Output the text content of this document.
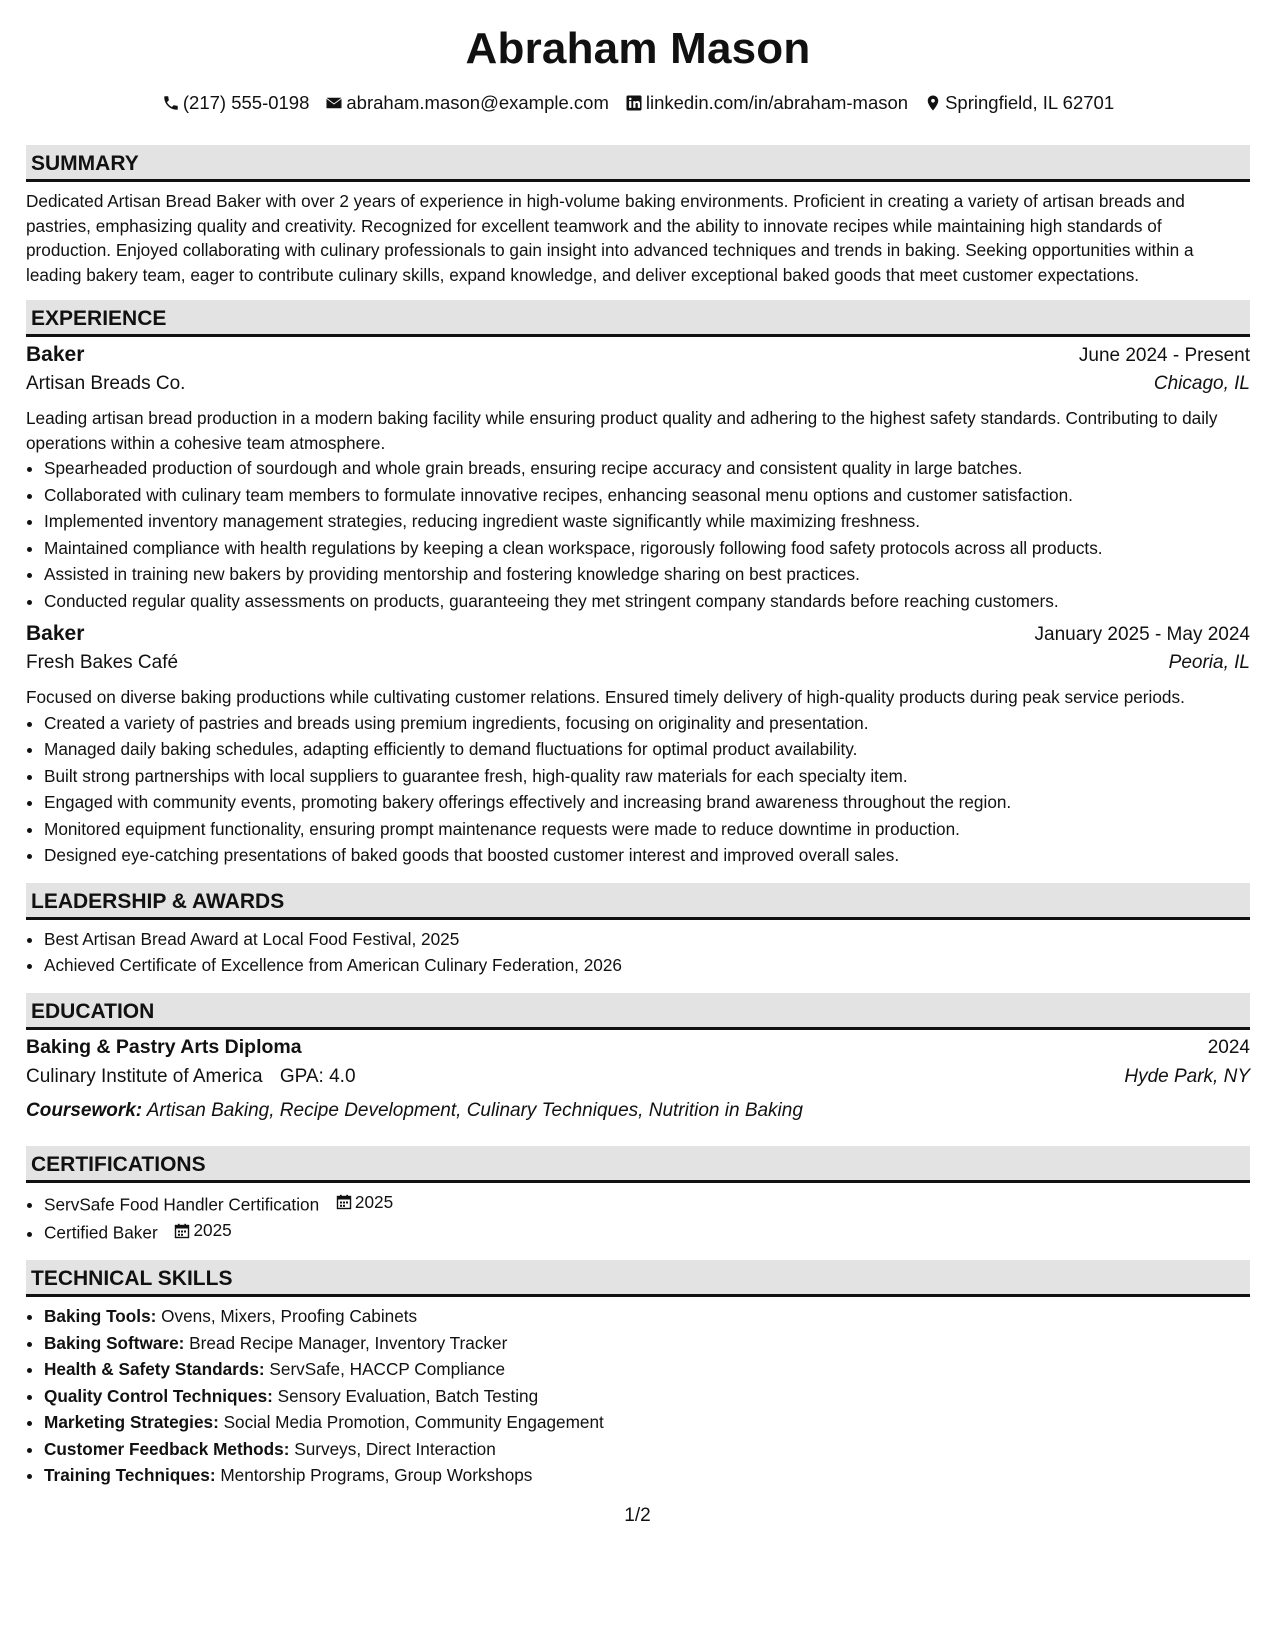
Abraham Mason
(217) 555-0198 abraham.mason@example.com linkedin.com/in/abraham-mason Springfield, IL 62701
SUMMARY

Dedicated Artisan Bread Baker with over 2 years of experience in high-volume baking environments. Proficient in creating a variety of artisan breads and pastries, emphasizing quality and creativity. Recognized for excellent teamwork and the ability to innovate recipes while maintaining high standards of production. Enjoyed collaborating with culinary professionals to gain insight into advanced techniques and trends in baking. Seeking opportunities within a leading bakery team, eager to contribute culinary skills, expand knowledge, and deliver exceptional baked goods that meet customer expectations.

EXPERIENCE
Baker	June 2024 - Present
Artisan Breads Co.	Chicago, IL

Leading artisan bread production in a modern baking facility while ensuring product quality and adhering to the highest safety standards. Contributing to daily operations within a cohesive team atmosphere.

• Spearheaded production of sourdough and whole grain breads, ensuring recipe accuracy and consistent quality in large batches.
• Collaborated with culinary team members to formulate innovative recipes, enhancing seasonal menu options and customer satisfaction.
• Implemented inventory management strategies, reducing ingredient waste significantly while maximizing freshness.
• Maintained compliance with health regulations by keeping a clean workspace, rigorously following food safety protocols across all products.
• Assisted in training new bakers by providing mentorship and fostering knowledge sharing on best practices.
• Conducted regular quality assessments on products, guaranteeing they met stringent company standards before reaching customers.
Baker	January 2025 - May 2024
Fresh Bakes Café	Peoria, IL

Focused on diverse baking productions while cultivating customer relations. Ensured timely delivery of high-quality products during peak service periods.

• Created a variety of pastries and breads using premium ingredients, focusing on originality and presentation.
• Managed daily baking schedules, adapting efficiently to demand fluctuations for optimal product availability.
• Built strong partnerships with local suppliers to guarantee fresh, high-quality raw materials for each specialty item.
• Engaged with community events, promoting bakery offerings effectively and increasing brand awareness throughout the region.
• Monitored equipment functionality, ensuring prompt maintenance requests were made to reduce downtime in production.
• Designed eye-catching presentations of baked goods that boosted customer interest and improved overall sales.
LEADERSHIP & AWARDS
• Best Artisan Bread Award at Local Food Festival, 2025
• Achieved Certificate of Excellence from American Culinary Federation, 2026
EDUCATION
Baking & Pastry Arts Diploma	2024
Culinary Institute of America GPA: 4.0	Hyde Park, NY
Coursework: Artisan Baking, Recipe Development, Culinary Techniques, Nutrition in Baking
CERTIFICATIONS
• ServSafe Food Handler Certification 2025
• Certified Baker 2025
TECHNICAL SKILLS
• Baking Tools: Ovens, Mixers, Proofing Cabinets
• Baking Software: Bread Recipe Manager, Inventory Tracker
• Health & Safety Standards: ServSafe, HACCP Compliance
• Quality Control Techniques: Sensory Evaluation, Batch Testing
• Marketing Strategies: Social Media Promotion, Community Engagement
• Customer Feedback Methods: Surveys, Direct Interaction
• Training Techniques: Mentorship Programs, Group Workshops
1/2
